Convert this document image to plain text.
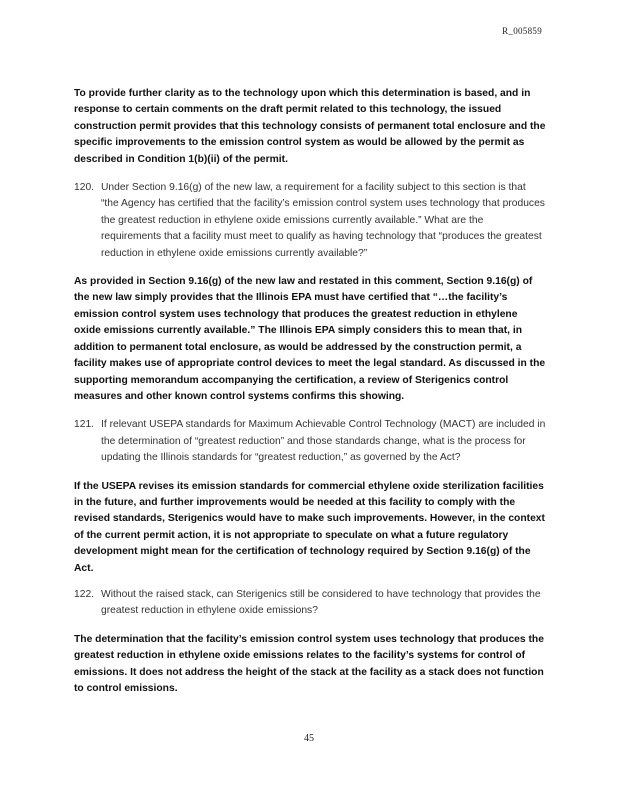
R_005859

To provide further clarity as to the technology upon which this determination is based, and in response to certain comments on the draft permit related to this technology, the issued construction permit provides that this technology consists of permanent total enclosure and the specific improvements to the emission control system as would be allowed by the permit as described in Condition 1(b)(ii) of the permit.

120. Under Section 9.16(g) of the new law, a requirement for a facility subject to this section is that “the Agency has certified that the facility’s emission control system uses technology that produces the greatest reduction in ethylene oxide emissions currently available.” What are the requirements that a facility must meet to qualify as having technology that “produces the greatest reduction in ethylene oxide emissions currently available?”

As provided in Section 9.16(g) of the new law and restated in this comment, Section 9.16(g) of the new law simply provides that the Illinois EPA must have certified that “…the facility’s emission control system uses technology that produces the greatest reduction in ethylene oxide emissions currently available.” The Illinois EPA simply considers this to mean that, in addition to permanent total enclosure, as would be addressed by the construction permit, a facility makes use of appropriate control devices to meet the legal standard. As discussed in the supporting memorandum accompanying the certification, a review of Sterigenics control measures and other known control systems confirms this showing.

121. If relevant USEPA standards for Maximum Achievable Control Technology (MACT) are included in the determination of “greatest reduction” and those standards change, what is the process for updating the Illinois standards for “greatest reduction,” as governed by the Act?

If the USEPA revises its emission standards for commercial ethylene oxide sterilization facilities in the future, and further improvements would be needed at this facility to comply with the revised standards, Sterigenics would have to make such improvements. However, in the context of the current permit action, it is not appropriate to speculate on what a future regulatory development might mean for the certification of technology required by Section 9.16(g) of the Act.

122. Without the raised stack, can Sterigenics still be considered to have technology that provides the greatest reduction in ethylene oxide emissions?

The determination that the facility’s emission control system uses technology that produces the greatest reduction in ethylene oxide emissions relates to the facility’s systems for control of emissions. It does not address the height of the stack at the facility as a stack does not function to control emissions.

45
